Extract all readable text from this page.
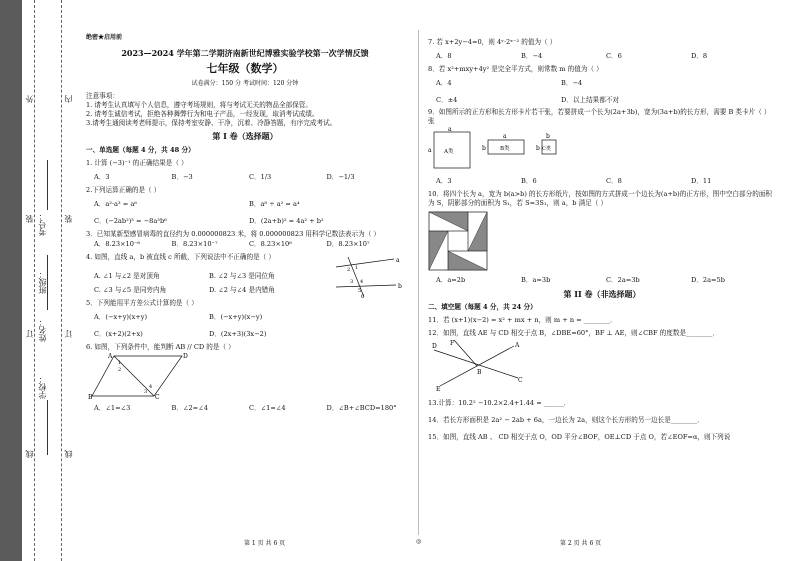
外
装
订
线
学校：
姓名：
班级：
考号：
内
装
订
线
绝密★启用前
2023—2024 学年第二学期济南新世纪博雅实验学校第一次学情反馈
七年级（数学）
试卷满分：150 分 考试时间：120 分钟
注意事项：
1. 请考生认真填写个人信息，遵守考场规则，将与考试无关的物品全部保管。
2. 请考生诚信考试，拒绝各种舞弊行为和电子产品，一经发现，取消考试成绩。
3.请考生通阅读考老师提示，保持考室安静、干净，沉着、冷静答题，有序完成考试。
第 I 卷（选择题）
一、单选题（每题 4 分，共 48 分）
1. 计算 (−3)⁻¹ 的正确结果是（ ）
A．3	B．−3	C．1/3	D．−1/3
2.下列运算正确的是（ ）
A．a²·a³ = a⁶	B．a⁸ ÷ a² = a⁴
C．(−2ab²)³ = −8a³b⁶	D．(2a+b)² = 4a² + b²
3．已知某新型感冒病毒的直径约为 0.000000823 米，将 0.000000823 用科学记数法表示为（ ）
A．8.23×10⁻⁶	B．8.23×10⁻⁷	C．8.23×10⁶	D．8.23×10⁷
4. 如图，直线 a，b 被直线 c 所截，下列说法中不正确的是（ ）	a
b
c
1
2
3 4
5
A. ∠1 与∠2 是对顶角	B. ∠2 与∠3 是同位角
C. ∠3 与∠5 是同旁内角	D. ∠2 与∠4 是内错角
5．下列能用平方差公式计算的是（ ）
A．(−x+y)(x+y)	B．(−x+y)(x−y)
C．(x+2)(2+x)	D．(2x+3)(3x−2)
6. 如图，下列条件中，能判断 AB // CD 的是（ ）
A	D
B	C
1
2
3
4
A．∠1=∠3	B．∠2=∠4	C．∠1=∠4	D．∠B+∠BCD=180°
7. 若 x+2y−4=0，则 4ʸ·2ˣ⁻² 的值为（ ）
A．8	B．−4	C．6	D．8
8．若 x²+mxy+4y² 是完全平方式，则常数 m 的值为（ ）
A．4	B．−4
C．±4	D．以上结果都不对
9．如图所示的正方形和长方形卡片若干张，若要拼成一个长为(2a+3b)，宽为(3a+b)的长方形，需要 B 类卡片（ ）张
a
a A类
a
b	B类
b
b C类
A．3	B．6	C．8	D．11
10．将四个长为 a，宽为 b(a>b) 的长方形纸片，按如图的方式拼成一个边长为(a+b)的正方形，图中空白部分的面积为 S，阴影部分的面积为 S₁，若 S=3S₁，则 a，b 满足（ ）
A．a=2b	B．a=3b	C．2a=3b	D．2a=5b
第 II 卷（非选择题）
二、填空题（每题 4 分，共 24 分）
11．若 (x+1)(x−2) = x² + mx + n，则 m + n = ________．
12．如图，直线 AE 与 CD 相交于点 B，∠DBE=60°，BF ⊥ AE，则∠CBF 的度数是________．
F
D	A
B
C
E
13.计算：10.2² −10.2×2.4+1.44 = ______．
14．若长方形面积是 2a² − 2ab + 6a，一边长为 2a，则这个长方形的另一边长是________．
15．如图，直线 AB 、 CD 相交于点 O，OD 平分∠BOF，OE⊥CD 于点 O，若∠EOF=α，则下列说
第 1 页 共 6 页	◎	第 2 页 共 6 页
